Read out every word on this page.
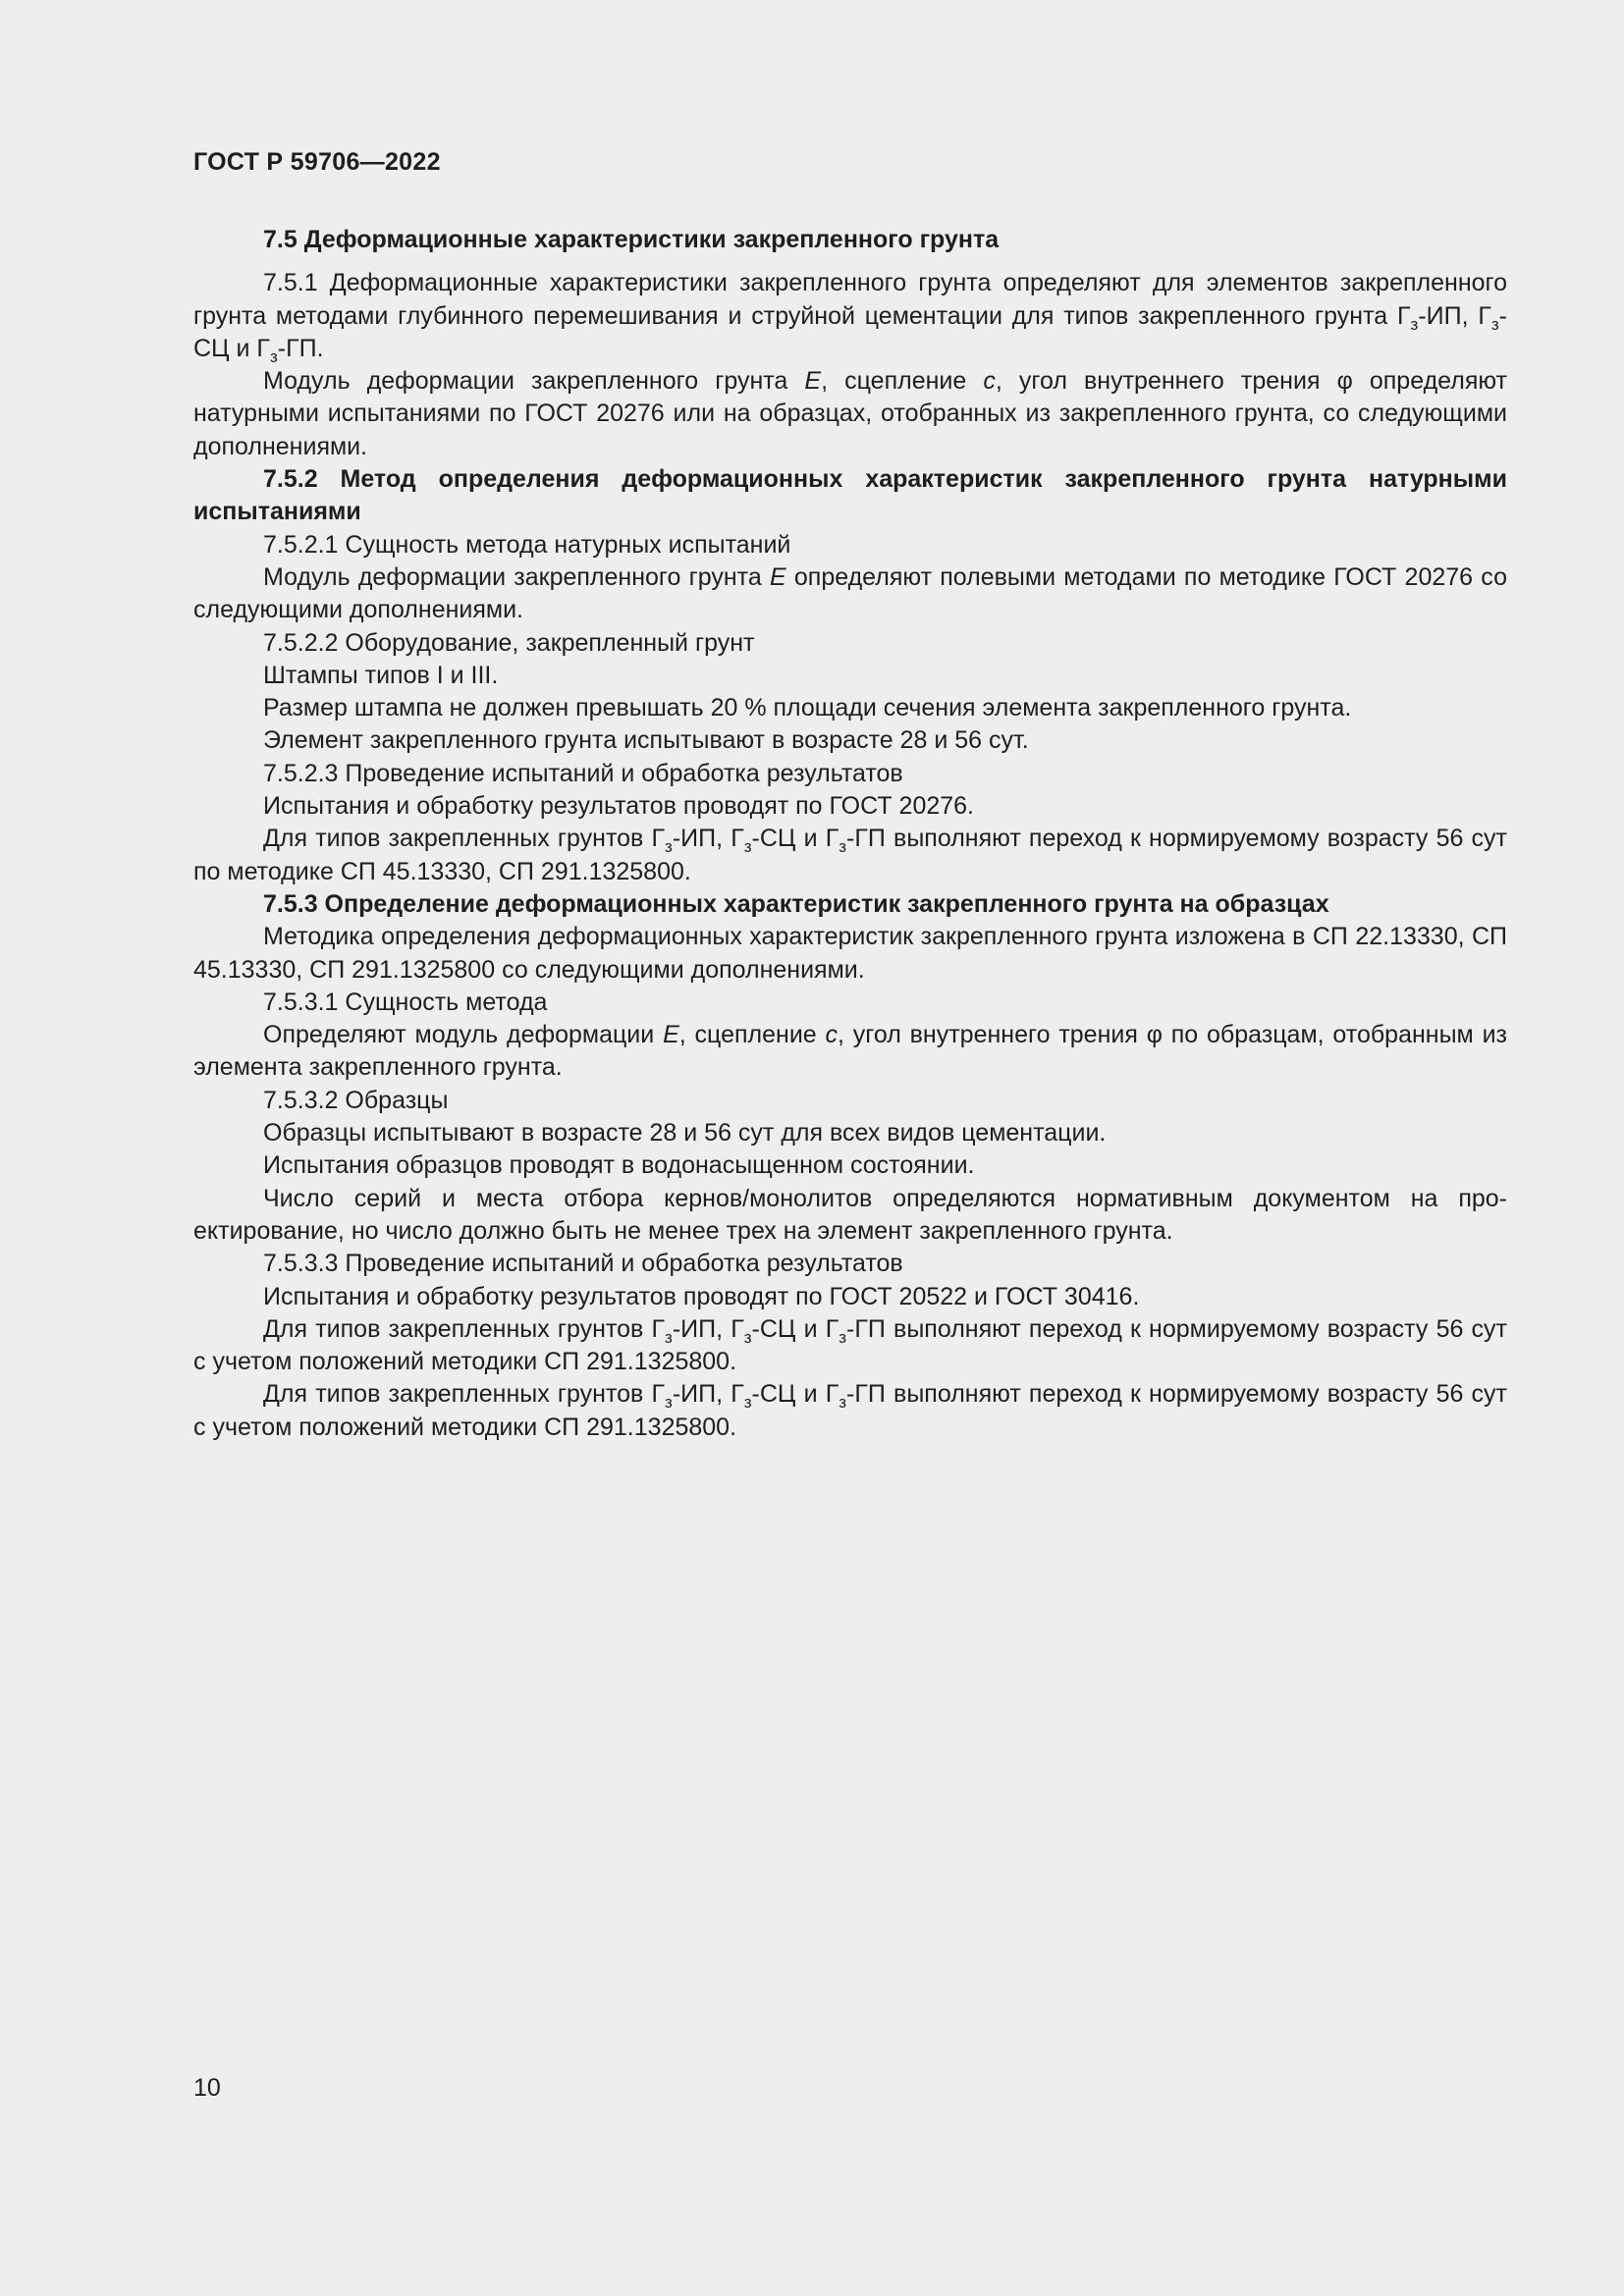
ГОСТ Р 59706—2022

7.5 Деформационные характеристики закрепленного грунта

7.5.1 Деформационные характеристики закрепленного грунта определяют для элементов закрепленного грунта методами глубинного перемешивания и струйной цементации для типов закрепленного грунта $Г_з-ИП$, $Г_з-СЦ$ и $Г_з-ГП$.

Модуль деформации закрепленного грунта E, сцепление c, угол внутреннего трения φ определяют натурными испытаниями по ГОСТ 20276 или на образцах, отобранных из закрепленного грунта, со следующими дополнениями.

7.5.2 Метод определения деформационных характеристик закрепленного грунта натурными испытаниями

7.5.2.1 Сущность метода натурных испытаний

Модуль деформации закрепленного грунта E определяют полевыми методами по методике ГОСТ 20276 со следующими дополнениями.

7.5.2.2 Оборудование, закрепленный грунт

Штампы типов I и III.

Размер штампа не должен превышать 20 % площади сечения элемента закрепленного грунта.

Элемент закрепленного грунта испытывают в возрасте 28 и 56 сут.

7.5.2.3 Проведение испытаний и обработка результатов

Испытания и обработку результатов проводят по ГОСТ 20276.

Для типов закрепленных грунтов $Г_з-ИП$, $Г_з-СЦ$ и $Г_з-ГП$ выполняют переход к нормируемому возрасту 56 сут по методике СП 45.13330, СП 291.1325800.

7.5.3 Определение деформационных характеристик закрепленного грунта на образцах

Методика определения деформационных характеристик закрепленного грунта изложена в СП 22.13330, СП 45.13330, СП 291.1325800 со следующими дополнениями.

7.5.3.1 Сущность метода

Определяют модуль деформации E, сцепление c, угол внутреннего трения φ по образцам, отобранным из элемента закрепленного грунта.

7.5.3.2 Образцы

Образцы испытывают в возрасте 28 и 56 сут для всех видов цементации.

Испытания образцов проводят в водонасыщенном состоянии.

Число серий и места отбора кернов/монолитов определяются нормативным документом на проектирование, но число должно быть не менее трех на элемент закрепленного грунта.

7.5.3.3 Проведение испытаний и обработка результатов

Испытания и обработку результатов проводят по ГОСТ 20522 и ГОСТ 30416.

Для типов закрепленных грунтов $Г_з-ИП$, $Г_з-СЦ$ и $Г_з-ГП$ выполняют переход к нормируемому возрасту 56 сут с учетом положений методики СП 291.1325800.

Для типов закрепленных грунтов $Г_з-ИП$, $Г_з-СЦ$ и $Г_з-ГП$ выполняют переход к нормируемому возрасту 56 сут с учетом положений методики СП 291.1325800.

10
